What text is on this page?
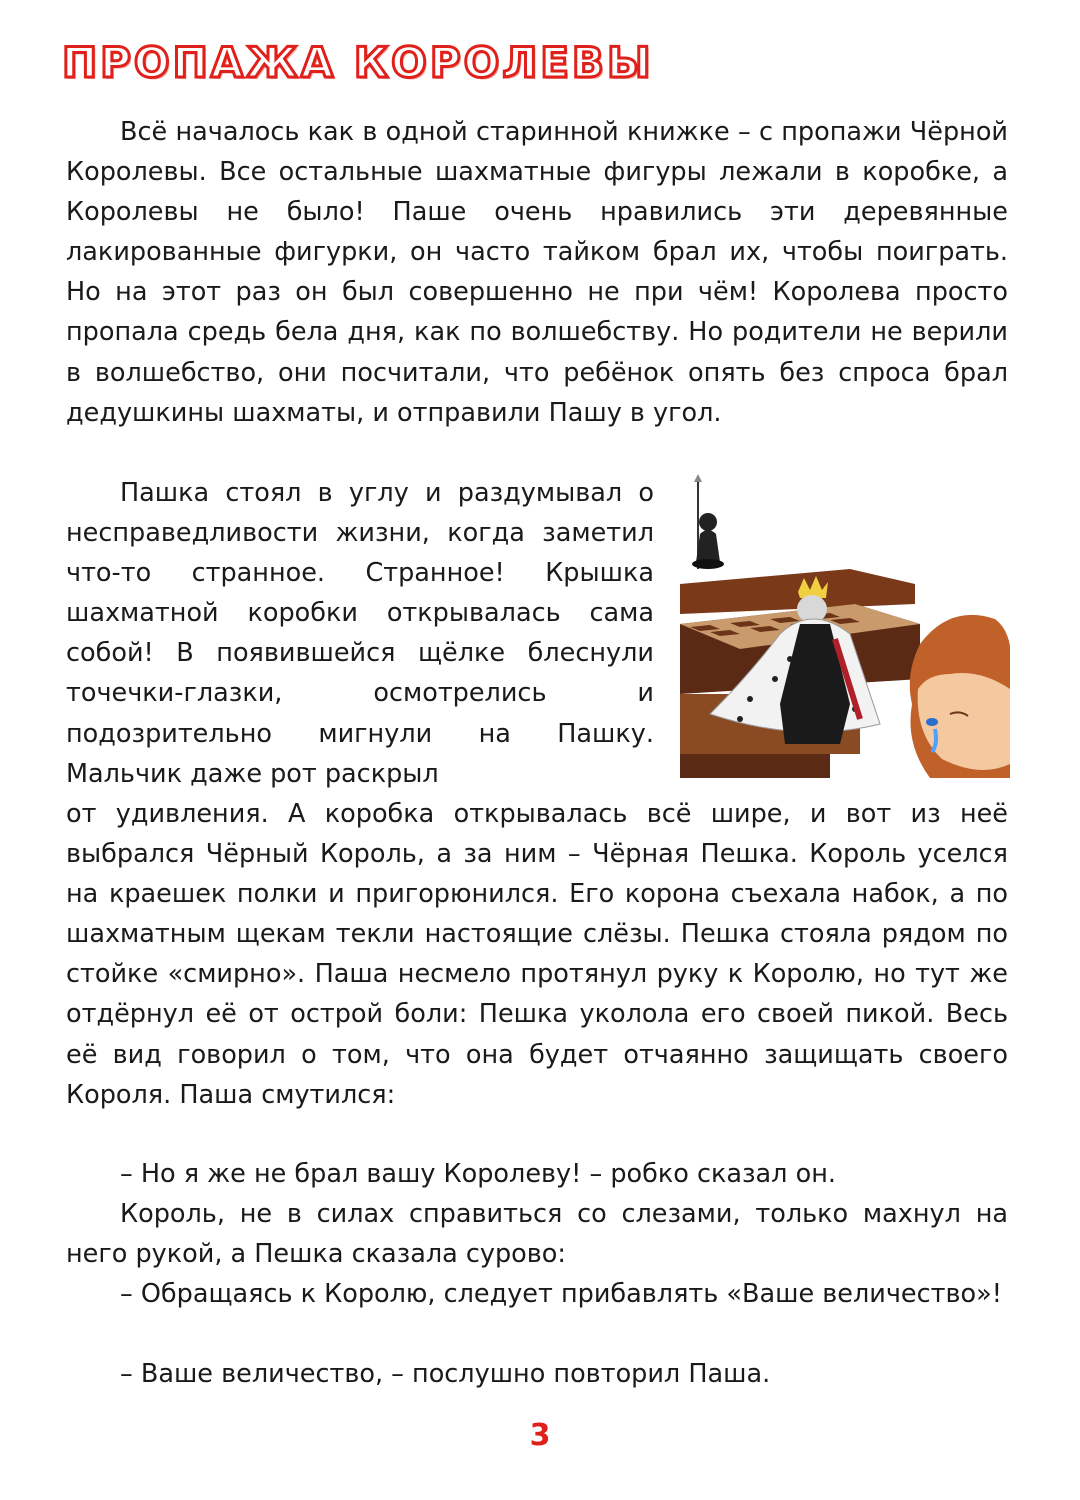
ПРОПАЖА КОРОЛЕВЫ

Всё началось как в одной старинной книжке – с пропажи Чёрной Королевы. Все остальные шахматные фигуры лежали в коробке, а Королевы не было! Паше очень нравились эти деревянные лакированные фигурки, он часто тайком брал их, чтобы поиграть. Но на этот раз он был совершенно не при чём! Королева просто пропала средь бела дня, как по волшебству. Но родители не верили в волшебство, они посчитали, что ребёнок опять без спроса брал дедушкины шахматы, и отправили Пашу в угол.

Пашка стоял в углу и раздумывал о несправедливости жизни, когда заметил что-то странное. Странное! Крышка шахматной коробки открывалась сама собой! В появившейся щёлке блеснули точечки-глазки, осмотрелись и подозрительно мигнули на Пашку. Мальчик даже рот раскрыл

от удивления. А коробка открывалась всё шире, и вот из неё выбрался Чёрный Король, а за ним – Чёрная Пешка. Король уселся на краешек полки и пригорюнился. Его корона съехала набок, а по шахматным щекам текли настоящие слёзы. Пешка стояла рядом по стойке «смирно». Паша несмело протянул руку к Королю, но тут же отдёрнул её от острой боли: Пешка уколола его своей пикой. Весь её вид говорил о том, что она будет отчаянно защищать своего Короля. Паша смутился:

– Но я же не брал вашу Королеву! – робко сказал он.

Король, не в силах справиться со слезами, только махнул на него рукой, а Пешка сказала сурово:

– Обращаясь к Королю, следует прибавлять «Ваше величество»!

– Ваше величество, – послушно повторил Паша.

3
